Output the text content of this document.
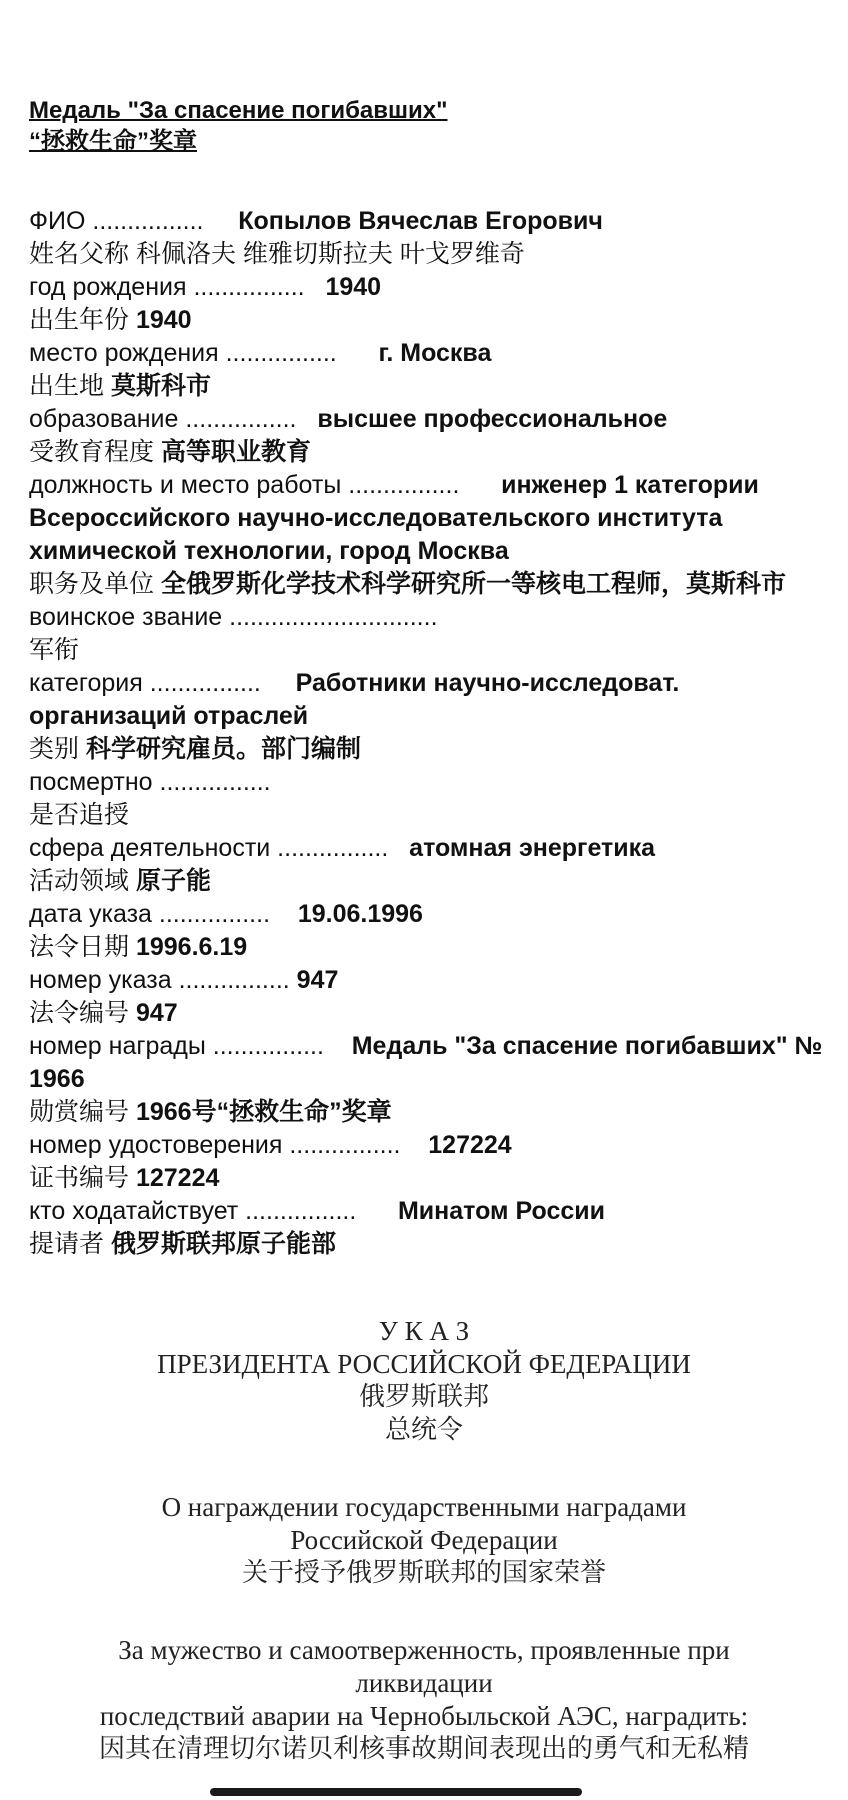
Медаль "За спасение погибавших"
“拯救生命”奖章
ФИО ................ Копылов Вячеслав Егорович
姓名父称 科佩洛夫 维雅切斯拉夫 叶戈罗维奇
год рождения ................ 1940
出生年份 1940
место рождения ................ г. Москва
出生地 莫斯科市
образование ................ высшее профессиональное
受教育程度 高等职业教育
должность и место работы ................ инженер 1 категории Всероссийского научно-исследовательского института химической технологии, город Москва
职务及单位 全俄罗斯化学技术科学研究所一等核电工程师，莫斯科市
воинское звание ..............................
军衔
категория ................ Работники научно-исследоват. организаций отраслей
类别 科学研究雇员。部门编制
посмертно ................
是否追授
сфера деятельности ................ атомная энергетика
活动领域 原子能
дата указа ................ 19.06.1996
法令日期 1996.6.19
номер указа ................ 947
法令编号 947
номер награды ................ Медаль "За спасение погибавших" № 1966
勋赏编号 1966号“拯救生命”奖章
номер удостоверения ................ 127224
证书编号 127224
кто ходатайствует ................ Минатом России
提请者 俄罗斯联邦原子能部
У К А З
ПРЕЗИДЕНТА РОССИЙСКОЙ ФЕДЕРАЦИИ
俄罗斯联邦
总统令
О награждении государственными наградами
Российской Федерации
关于授予俄罗斯联邦的国家荣誉
За мужество и самоотверженность, проявленные при
ликвидации
последствий аварии на Чернобыльской АЭС, наградить:
因其在清理切尔诺贝利核事故期间表现出的勇气和无私精
